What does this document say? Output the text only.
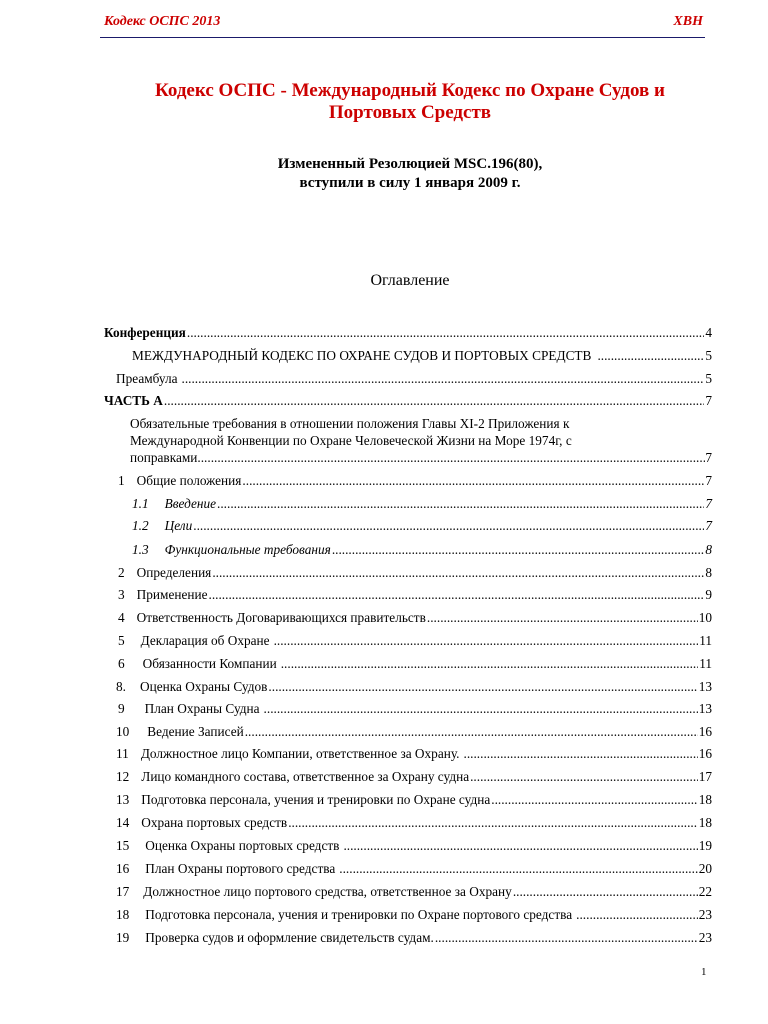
Кодекс ОСПС 2013	ХВН
Кодекс ОСПС - Международный Кодекс по Охране Судов и
Портовых Средств
Измененный Резолюцией MSC.196(80),
вступили в силу 1 января 2009 г.
Оглавление
Конференция .....	4
МЕЖДУНАРОДНЫЙ КОДЕКС ПО ОХРАНЕ СУДОВ И ПОРТОВЫХ СРЕДСТВ .....	5
Преамбула .....	5
ЧАСТЬ А .....	7
Обязательные требования в отношении положения Главы XI-2 Приложения к
Международной Конвенции по Охране Человеческой Жизни на Море 1974г, с
поправками. .....	7
1 Общие положения .....	7
1.1 Введение .....	7
1.2 Цели .....	7
1.3 Функциональные требования .....	8
2 Определения .....	8
3 Применение .....	9
4 Ответственность Договаривающихся правительств .....	10
5 Декларация об Охране .....	11
6 Обязанности Компании .....	11
8. Оценка Охраны Судов .....	13
9 План Охраны Судна .....	13
10 Ведение Записей .....	16
11 Должностное лицо Компании, ответственное за Охрану. .....	16
12 Лицо командного состава, ответственное за Охрану судна .....	17
13 Подготовка персонала, учения и тренировки по Охране судна .....	18
14 Охрана портовых средств .....	18
15 Оценка Охраны портовых средств .....	19
16 План Охраны портового средства .....	20
17 Должностное лицо портового средства, ответственное за Охрану .....	22
18 Подготовка персонала, учения и тренировки по Охране портового средства .....	23
19 Проверка судов и оформление свидетельств судам. .....	23
1
